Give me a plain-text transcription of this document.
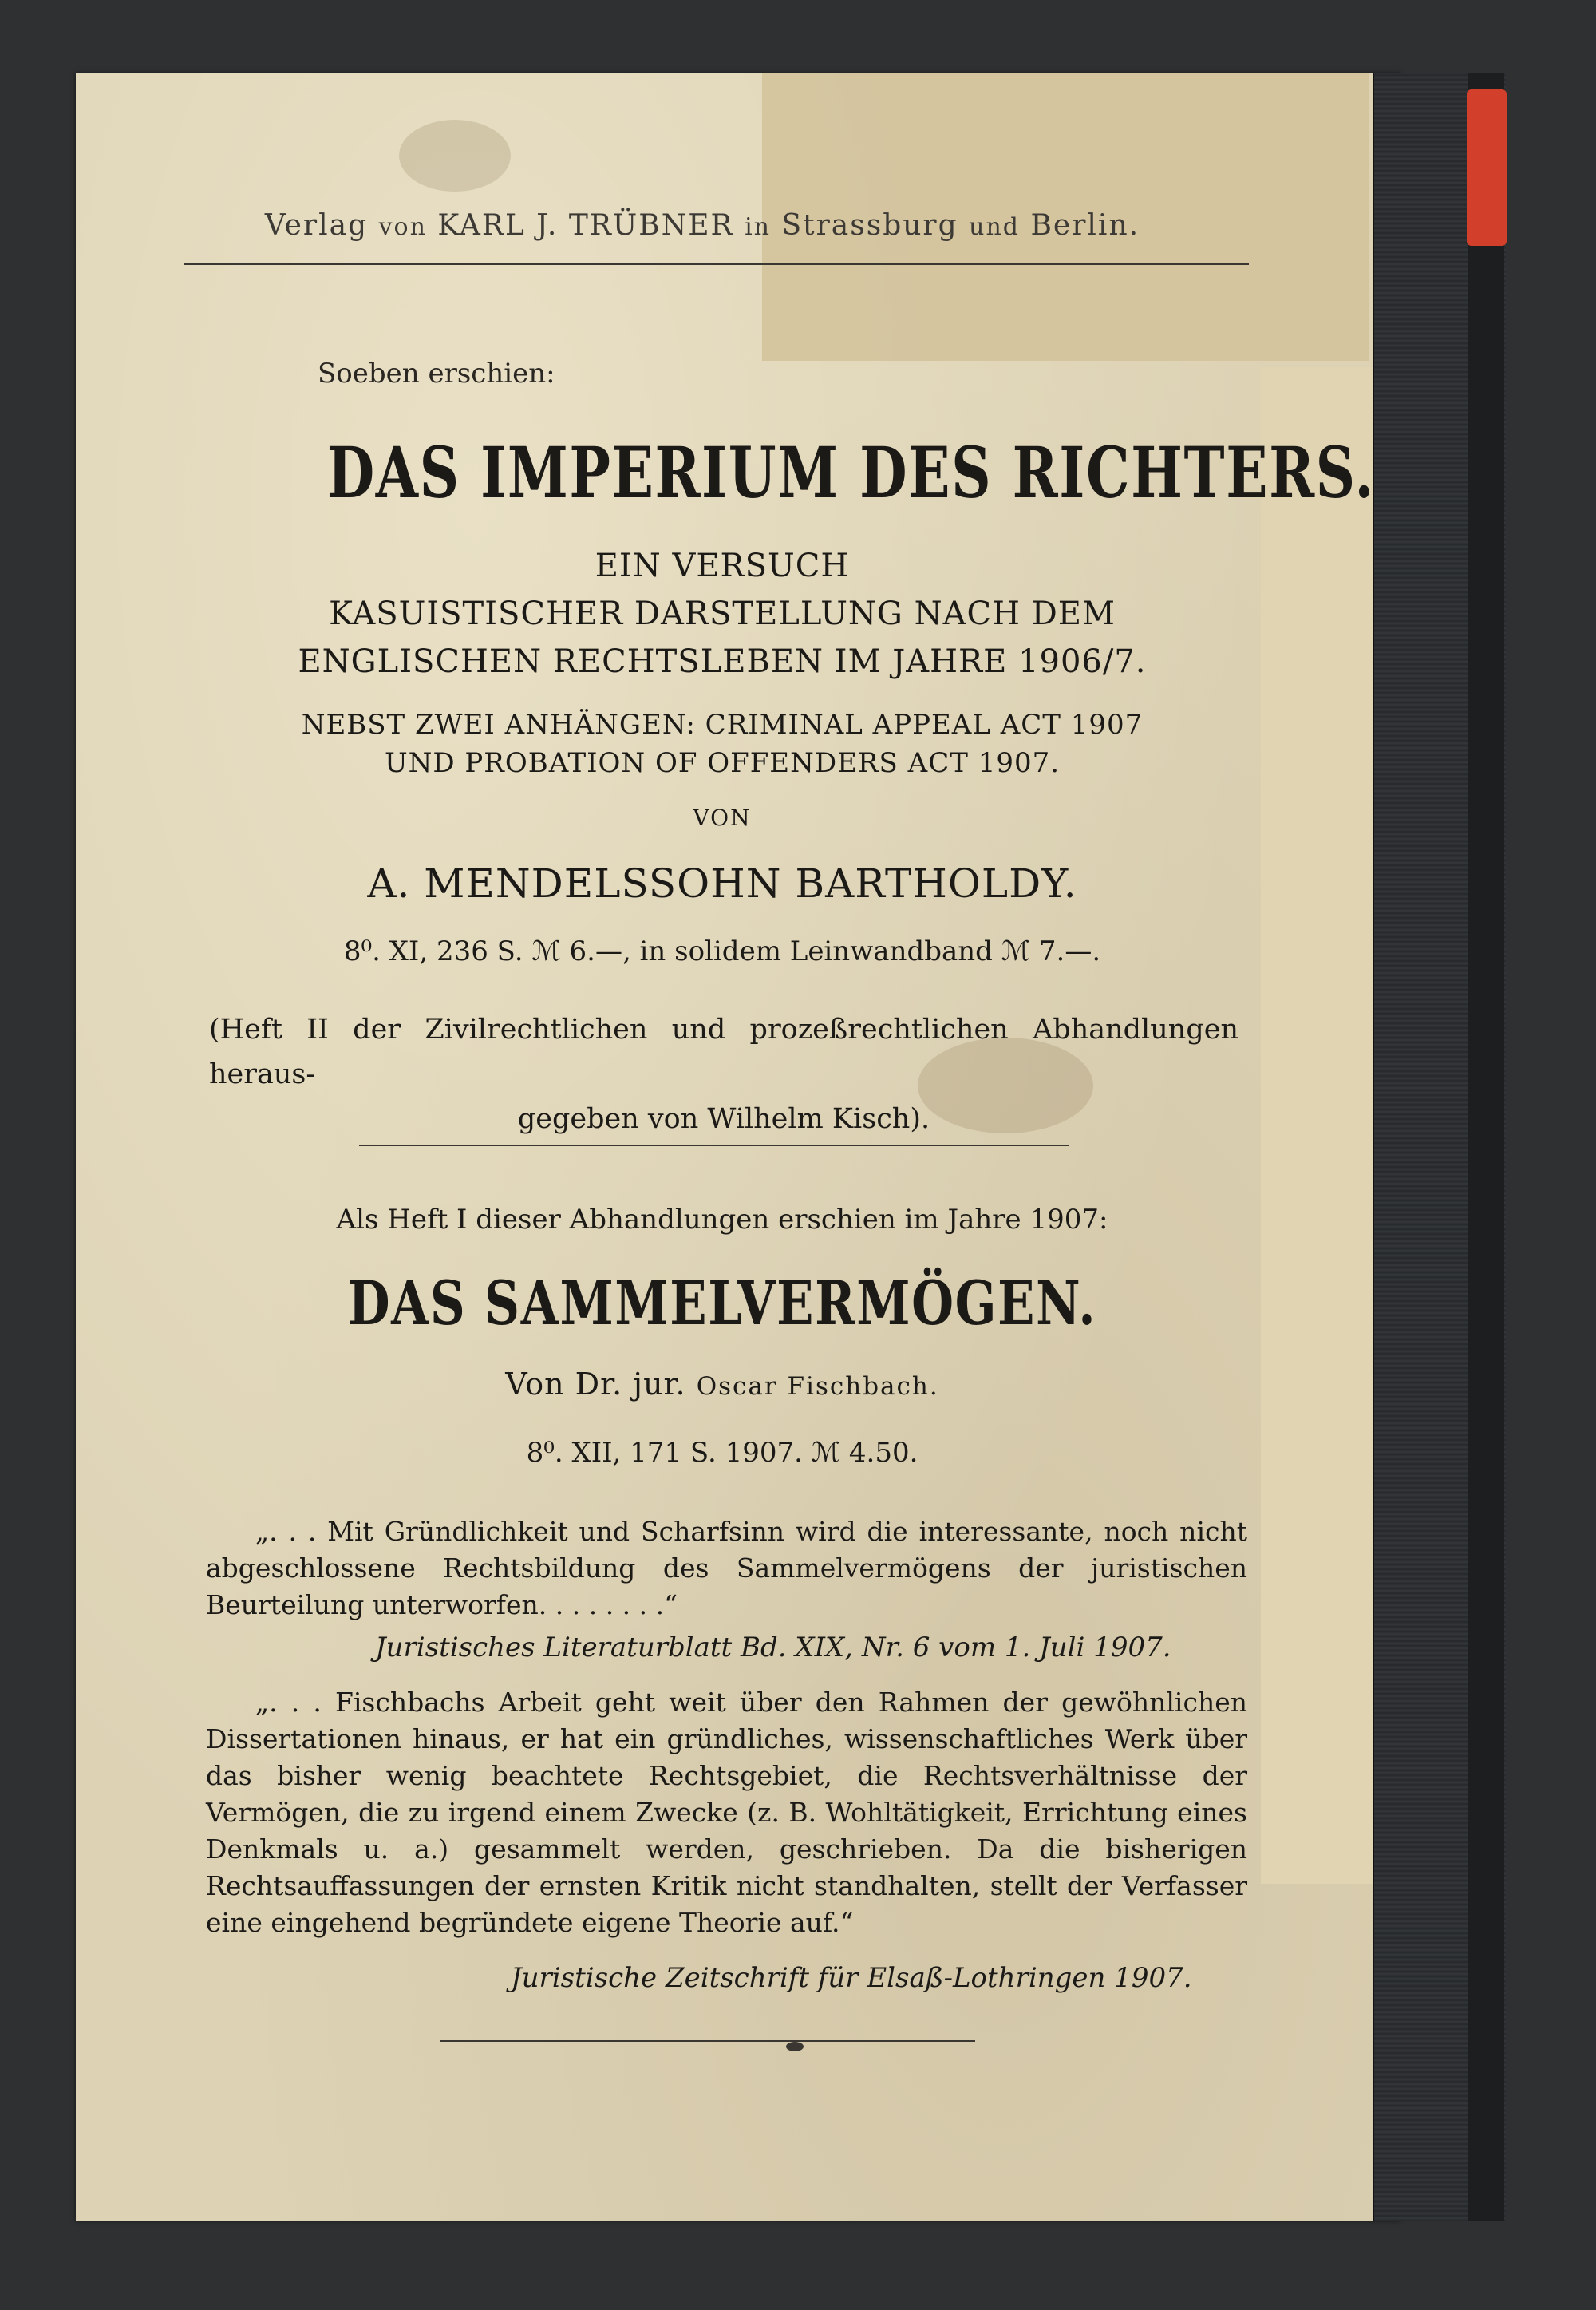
Verlag von KARL J. TRÜBNER in Strassburg und Berlin.
Soeben erschien:
DAS IMPERIUM DES RICHTERS.
EIN VERSUCH
KASUISTISCHER DARSTELLUNG NACH DEM
ENGLISCHEN RECHTSLEBEN IM JAHRE 1906/7.
NEBST ZWEI ANHÄNGEN: CRIMINAL APPEAL ACT 1907
UND PROBATION OF OFFENDERS ACT 1907.
VON
A. MENDELSSOHN BARTHOLDY.
8⁰. XI, 236 S. ℳ 6.—, in solidem Leinwandband ℳ 7.—.
(Heft II der Zivilrechtlichen und prozeßrechtlichen Abhandlungen heraus-
gegeben von Wilhelm Kisch).
Als Heft I dieser Abhandlungen erschien im Jahre 1907:
DAS SAMMELVERMÖGEN.
Von Dr. jur. Oscar Fischbach.
8⁰. XII, 171 S. 1907. ℳ 4.50.
„. . . Mit Gründlichkeit und Scharfsinn wird die interessante, noch nicht abgeschlossene Rechtsbildung des Sammelvermögens der juristischen Beurteilung unterworfen. . . . . . . .“
Juristisches Literaturblatt Bd. XIX, Nr. 6 vom 1. Juli 1907.
„. . . Fischbachs Arbeit geht weit über den Rahmen der gewöhnlichen Dissertationen hinaus, er hat ein gründliches, wissenschaftliches Werk über das bisher wenig beachtete Rechtsgebiet, die Rechtsverhältnisse der Vermögen, die zu irgend einem Zwecke (z. B. Wohltätigkeit, Errichtung eines Denkmals u. a.) gesammelt werden, geschrieben. Da die bisherigen Rechtsauffassungen der ernsten Kritik nicht standhalten, stellt der Verfasser eine eingehend begründete eigene Theorie auf.“
Juristische Zeitschrift für Elsaß-Lothringen 1907.
